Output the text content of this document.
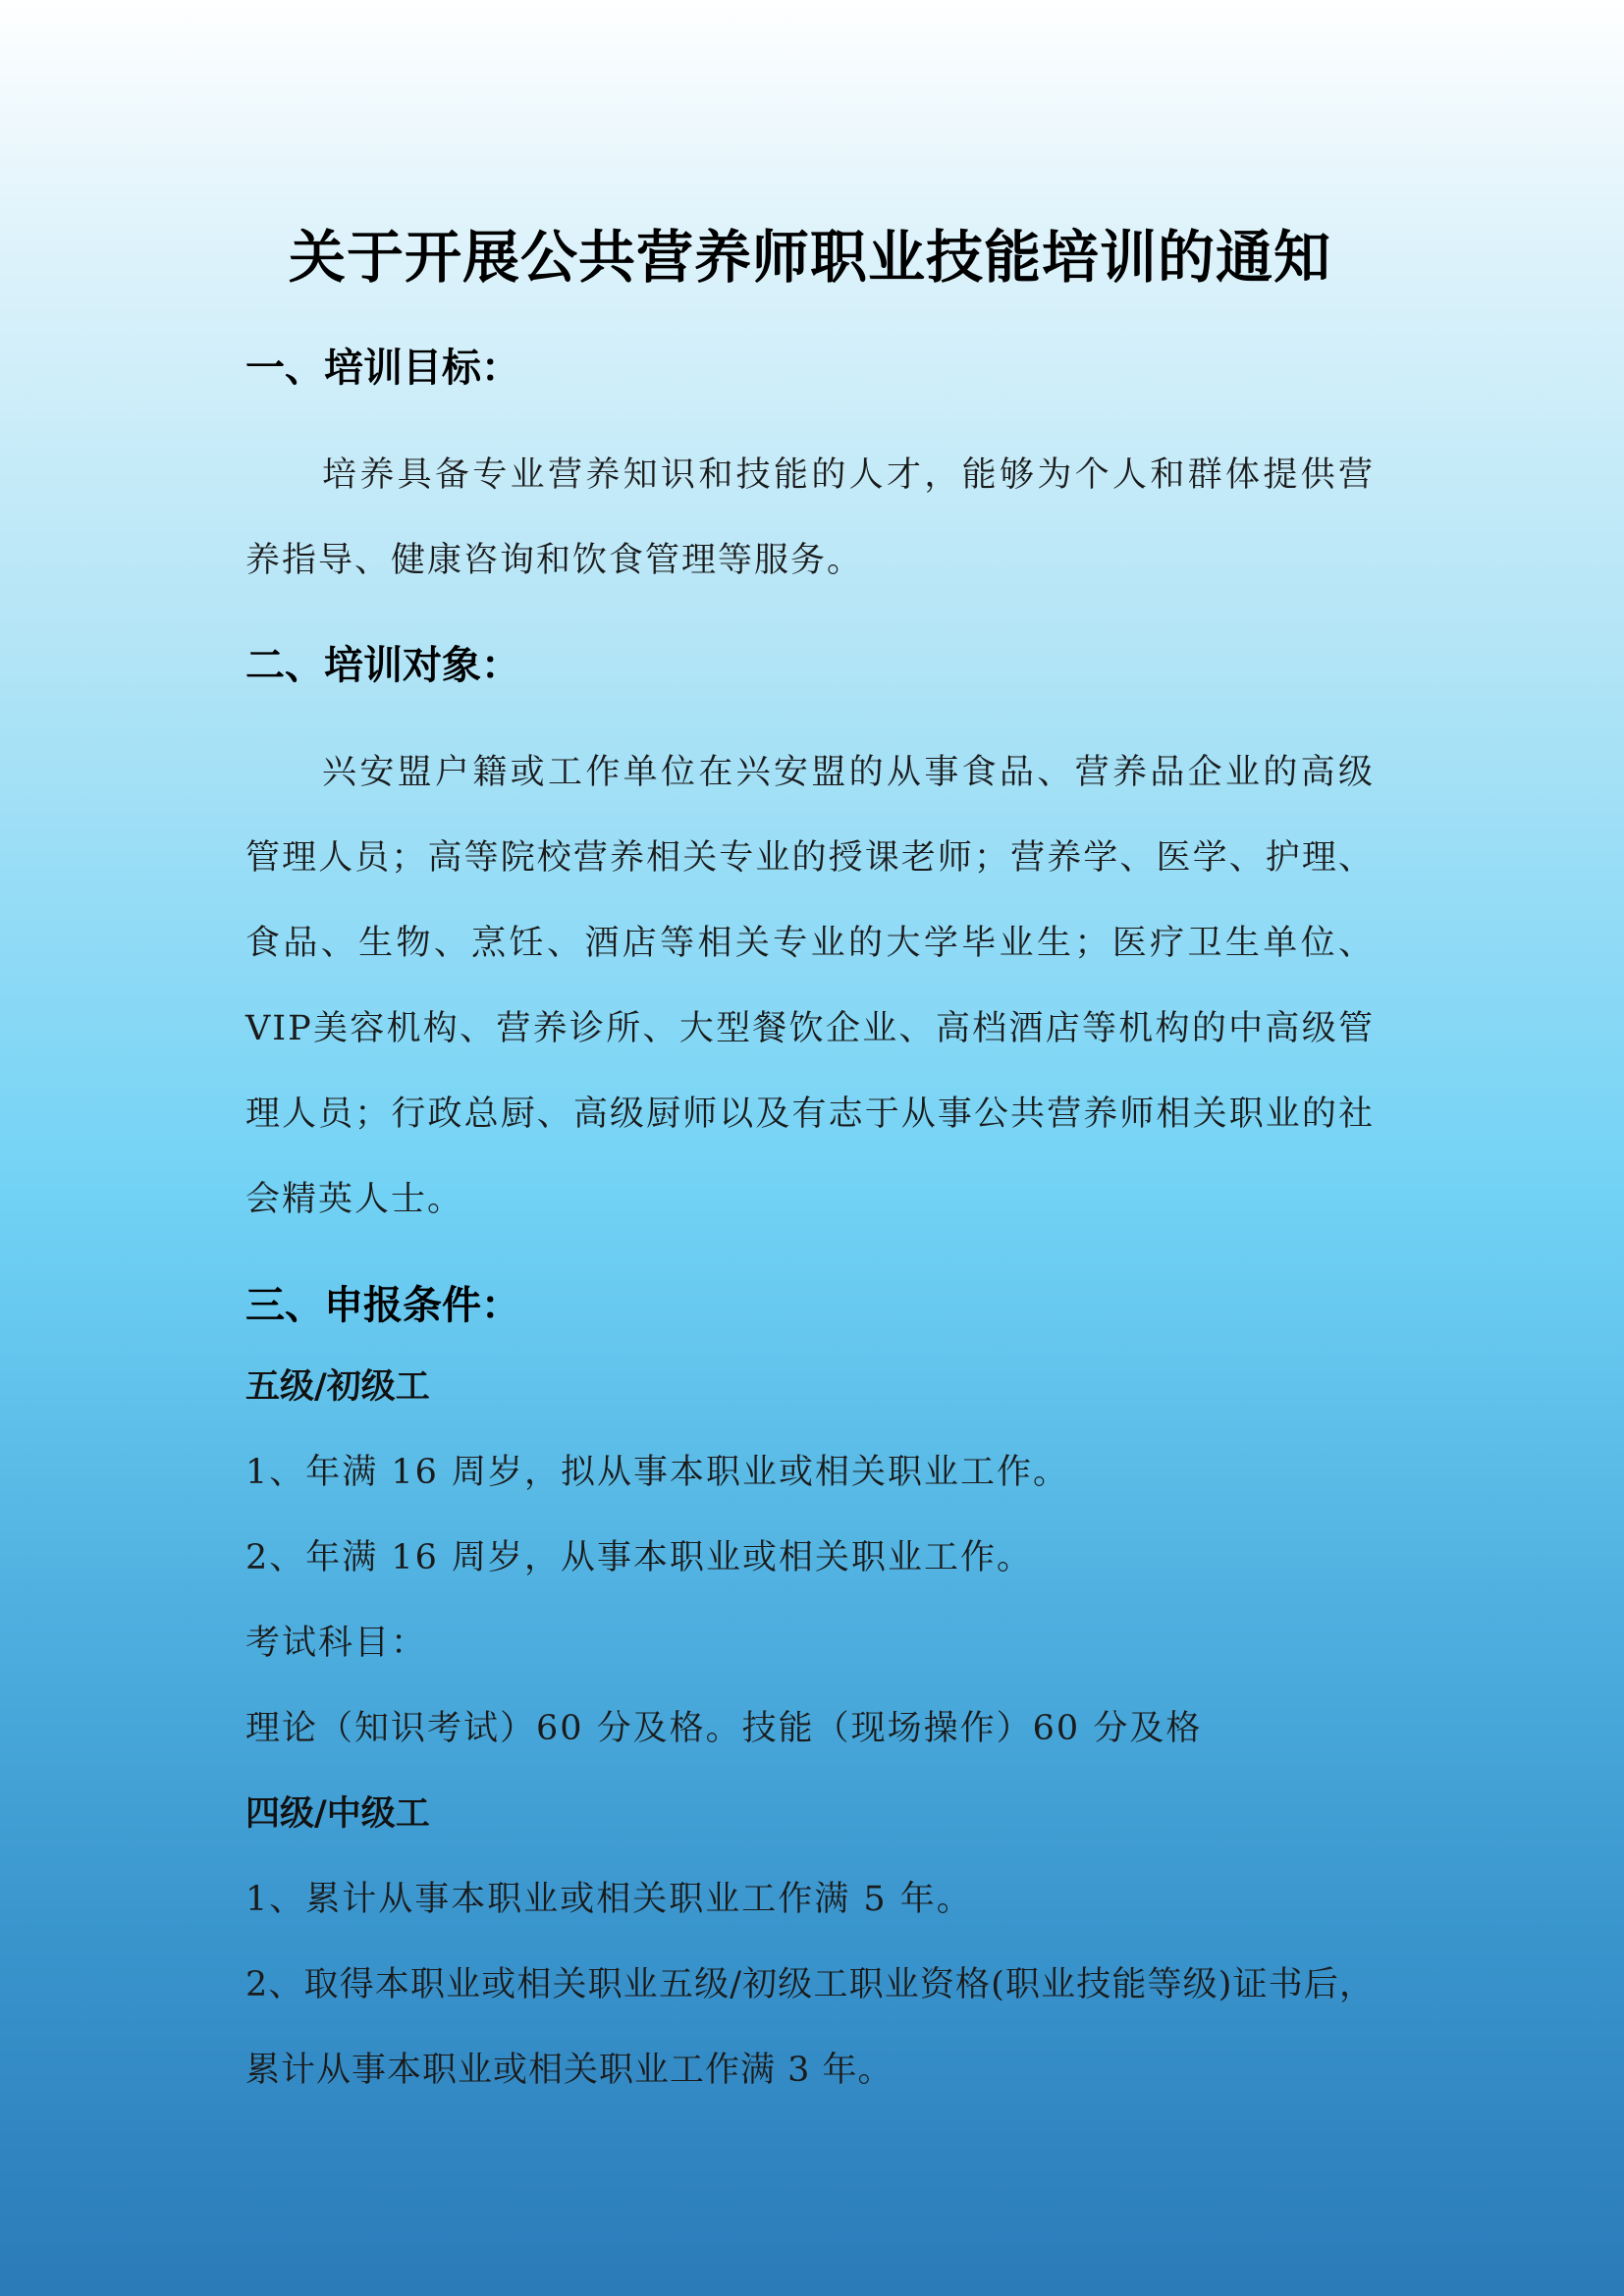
关于开展公共营养师职业技能培训的通知
一、培训目标：

培养具备专业营养知识和技能的人才，能够为个人和群体提供营养指导、健康咨询和饮食管理等服务。

二、培训对象：

兴安盟户籍或工作单位在兴安盟的从事食品、营养品企业的高级管理人员；高等院校营养相关专业的授课老师；营养学、医学、护理、食品、生物、烹饪、酒店等相关专业的大学毕业生；医疗卫生单位、VIP美容机构、营养诊所、大型餐饮企业、高档酒店等机构的中高级管理人员；行政总厨、高级厨师以及有志于从事公共营养师相关职业的社会精英人士。

三、申报条件：
五级/初级工

1、年满 16 周岁，拟从事本职业或相关职业工作。

2、年满 16 周岁，从事本职业或相关职业工作。

考试科目：

理论（知识考试）60 分及格。技能（现场操作）60 分及格

四级/中级工

1、累计从事本职业或相关职业工作满 5 年。

2、取得本职业或相关职业五级/初级工职业资格(职业技能等级)证书后，累计从事本职业或相关职业工作满 3 年。
